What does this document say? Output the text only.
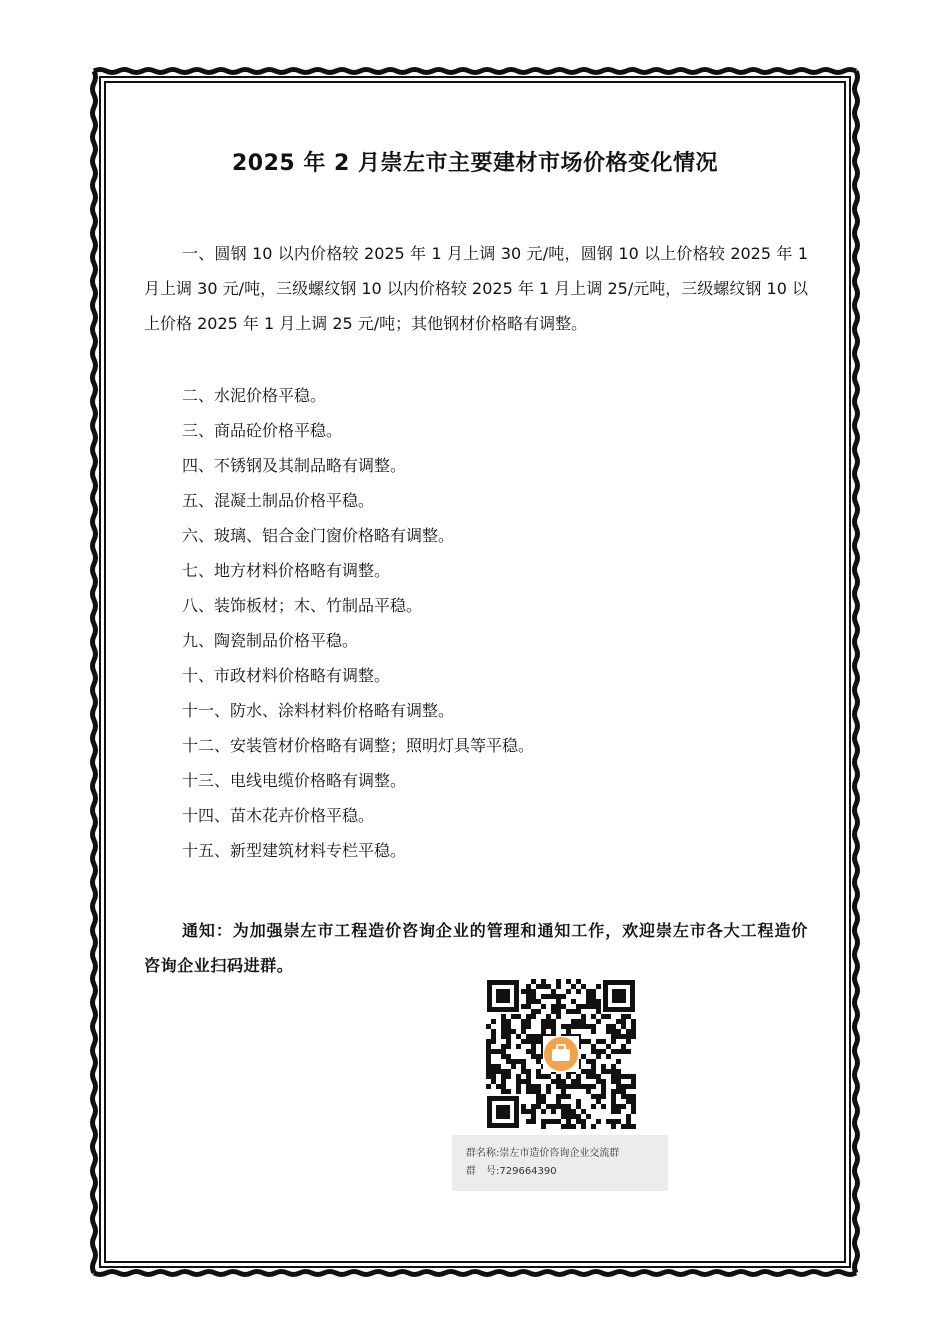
2025 年 2 月崇左市主要建材市场价格变化情况
一、圆钢 10 以内价格较 2025 年 1 月上调 30 元/吨，圆钢 10 以上价格较 2025 年 1 月上调 30 元/吨，三级螺纹钢 10 以内价格较 2025 年 1 月上调 25/元吨，三级螺纹钢 10 以上价格 2025 年 1 月上调 25 元/吨；其他钢材价格略有调整。
二、水泥价格平稳。
三、商品砼价格平稳。
四、不锈钢及其制品略有调整。
五、混凝土制品价格平稳。
六、玻璃、铝合金门窗价格略有调整。
七、地方材料价格略有调整。
八、装饰板材；木、竹制品平稳。
九、陶瓷制品价格平稳。
十、市政材料价格略有调整。
十一、防水、涂料材料价格略有调整。
十二、安装管材价格略有调整；照明灯具等平稳。
十三、电线电缆价格略有调整。
十四、苗木花卉价格平稳。
十五、新型建筑材料专栏平稳。
通知：为加强崇左市工程造价咨询企业的管理和通知工作，欢迎崇左市各大工程造价咨询企业扫码进群。
群名称:崇左市造价咨询企业交流群
群　号:729664390
